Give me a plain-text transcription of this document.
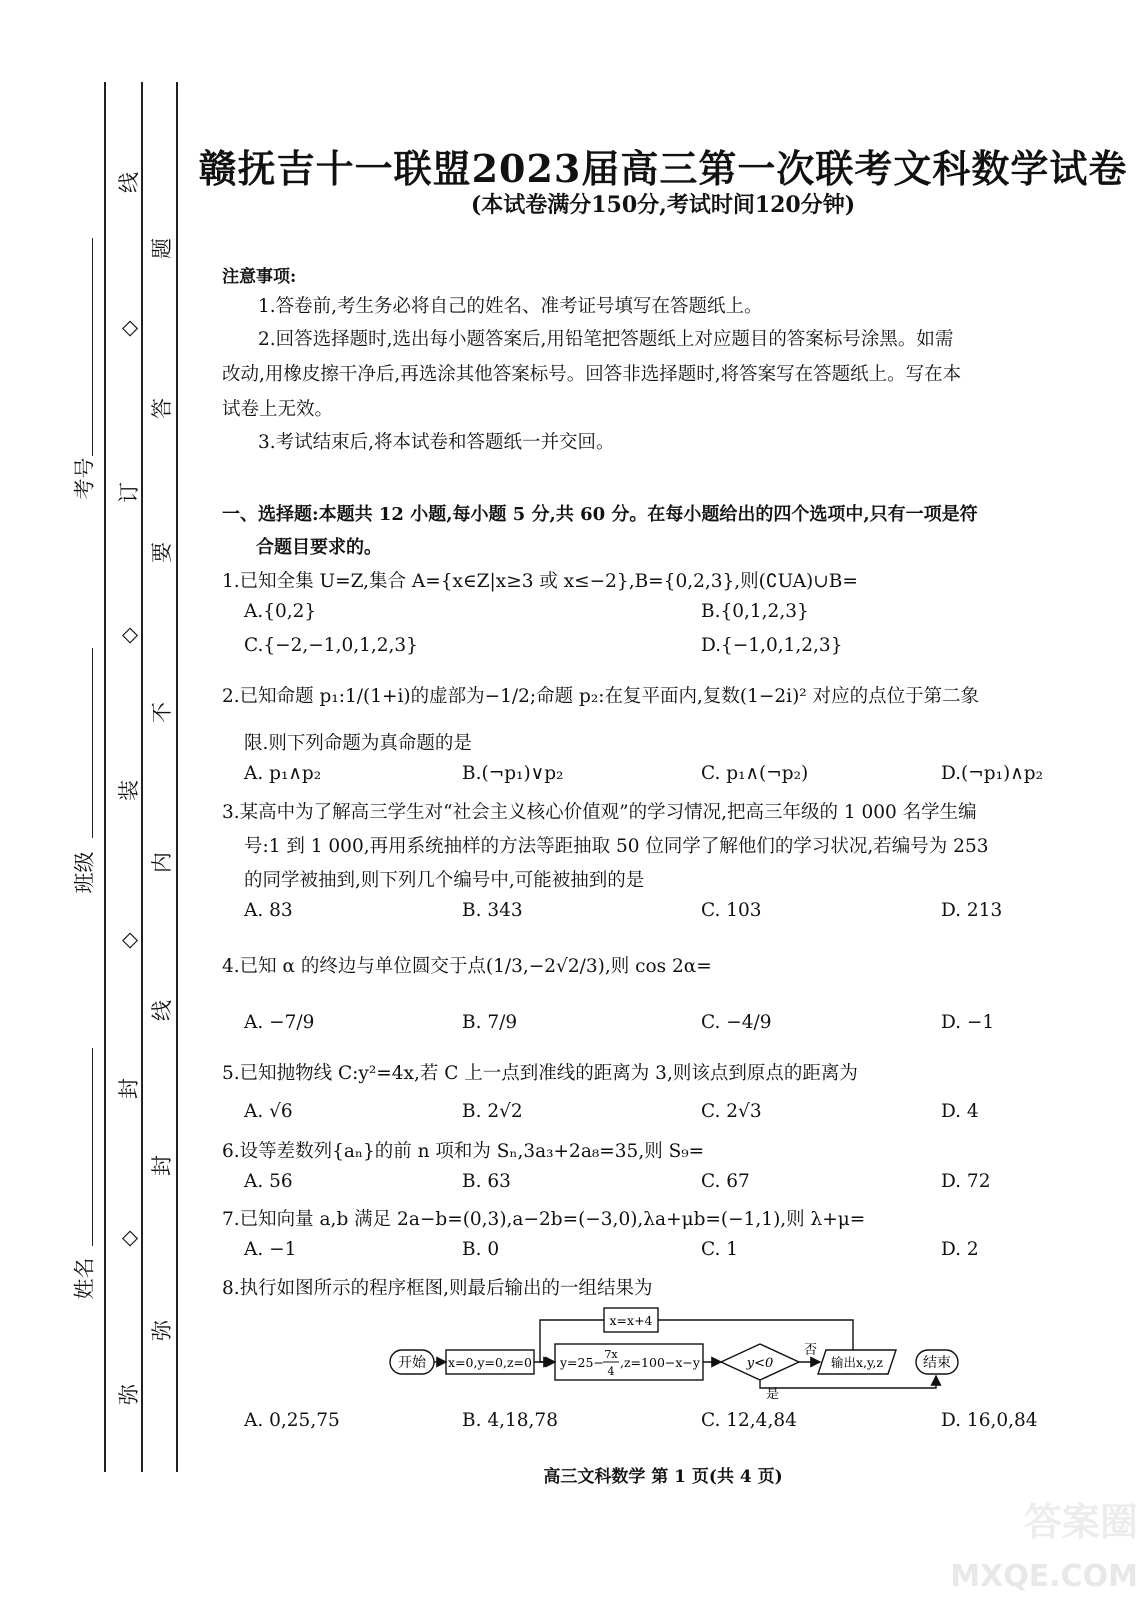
线
题
◇
答
订
要
◇
不
装
内
◇
线
封
封
◇
弥
弥
考号
班级
姓名
赣抚吉十一联盟2023届高三第一次联考文科数学试卷
(本试卷满分150分,考试时间120分钟)
注意事项:
1.答卷前,考生务必将自己的姓名、准考证号填写在答题纸上。
2.回答选择题时,选出每小题答案后,用铅笔把答题纸上对应题目的答案标号涂黑。如需
改动,用橡皮擦干净后,再选涂其他答案标号。回答非选择题时,将答案写在答题纸上。写在本
试卷上无效。
3.考试结束后,将本试卷和答题纸一并交回。
一、选择题:本题共 12 小题,每小题 5 分,共 60 分。在每小题给出的四个选项中,只有一项是符
合题目要求的。
1.已知全集 U=Z,集合 A={x∈Z|x≥3 或 x≤−2},B={0,2,3},则(∁UA)∪B=
A.{0,2}	B.{0,1,2,3}
C.{−2,−1,0,1,2,3}	D.{−1,0,1,2,3}
2.已知命题 p₁:1/(1+i)的虚部为−1/2;命题 p₂:在复平面内,复数(1−2i)² 对应的点位于第二象
限.则下列命题为真命题的是
A. p₁∧p₂	B.(¬p₁)∨p₂	C. p₁∧(¬p₂)	D.(¬p₁)∧p₂
3.某高中为了解高三学生对“社会主义核心价值观”的学习情况,把高三年级的 1 000 名学生编
号:1 到 1 000,再用系统抽样的方法等距抽取 50 位同学了解他们的学习状况,若编号为 253
的同学被抽到,则下列几个编号中,可能被抽到的是
A. 83	B. 343	C. 103	D. 213
4.已知 α 的终边与单位圆交于点(1/3,−2√2/3),则 cos 2α=
A. −7/9	B. 7/9	C. −4/9	D. −1
5.已知抛物线 C:y²=4x,若 C 上一点到准线的距离为 3,则该点到原点的距离为
A. √6	B. 2√2	C. 2√3	D. 4
6.设等差数列{aₙ}的前 n 项和为 Sₙ,3a₃+2a₈=35,则 S₉=
A. 56	B. 63	C. 67	D. 72
7.已知向量 a,b 满足 2a−b=(0,3),a−2b=(−3,0),λa+μb=(−1,1),则 λ+μ=
A. −1	B. 0	C. 1	D. 2
8.执行如图所示的程序框图,则最后输出的一组结果为
开始 x=0,y=0,z=0 y=25−
7x
4
,z=100−x−y	y<0
否
输出x,y,z
x=x+4
是
结束
A. 0,25,75	B. 4,18,78	C. 12,4,84	D. 16,0,84
高三文科数学 第 1 页(共 4 页)
答案圈
MXQE.COM
